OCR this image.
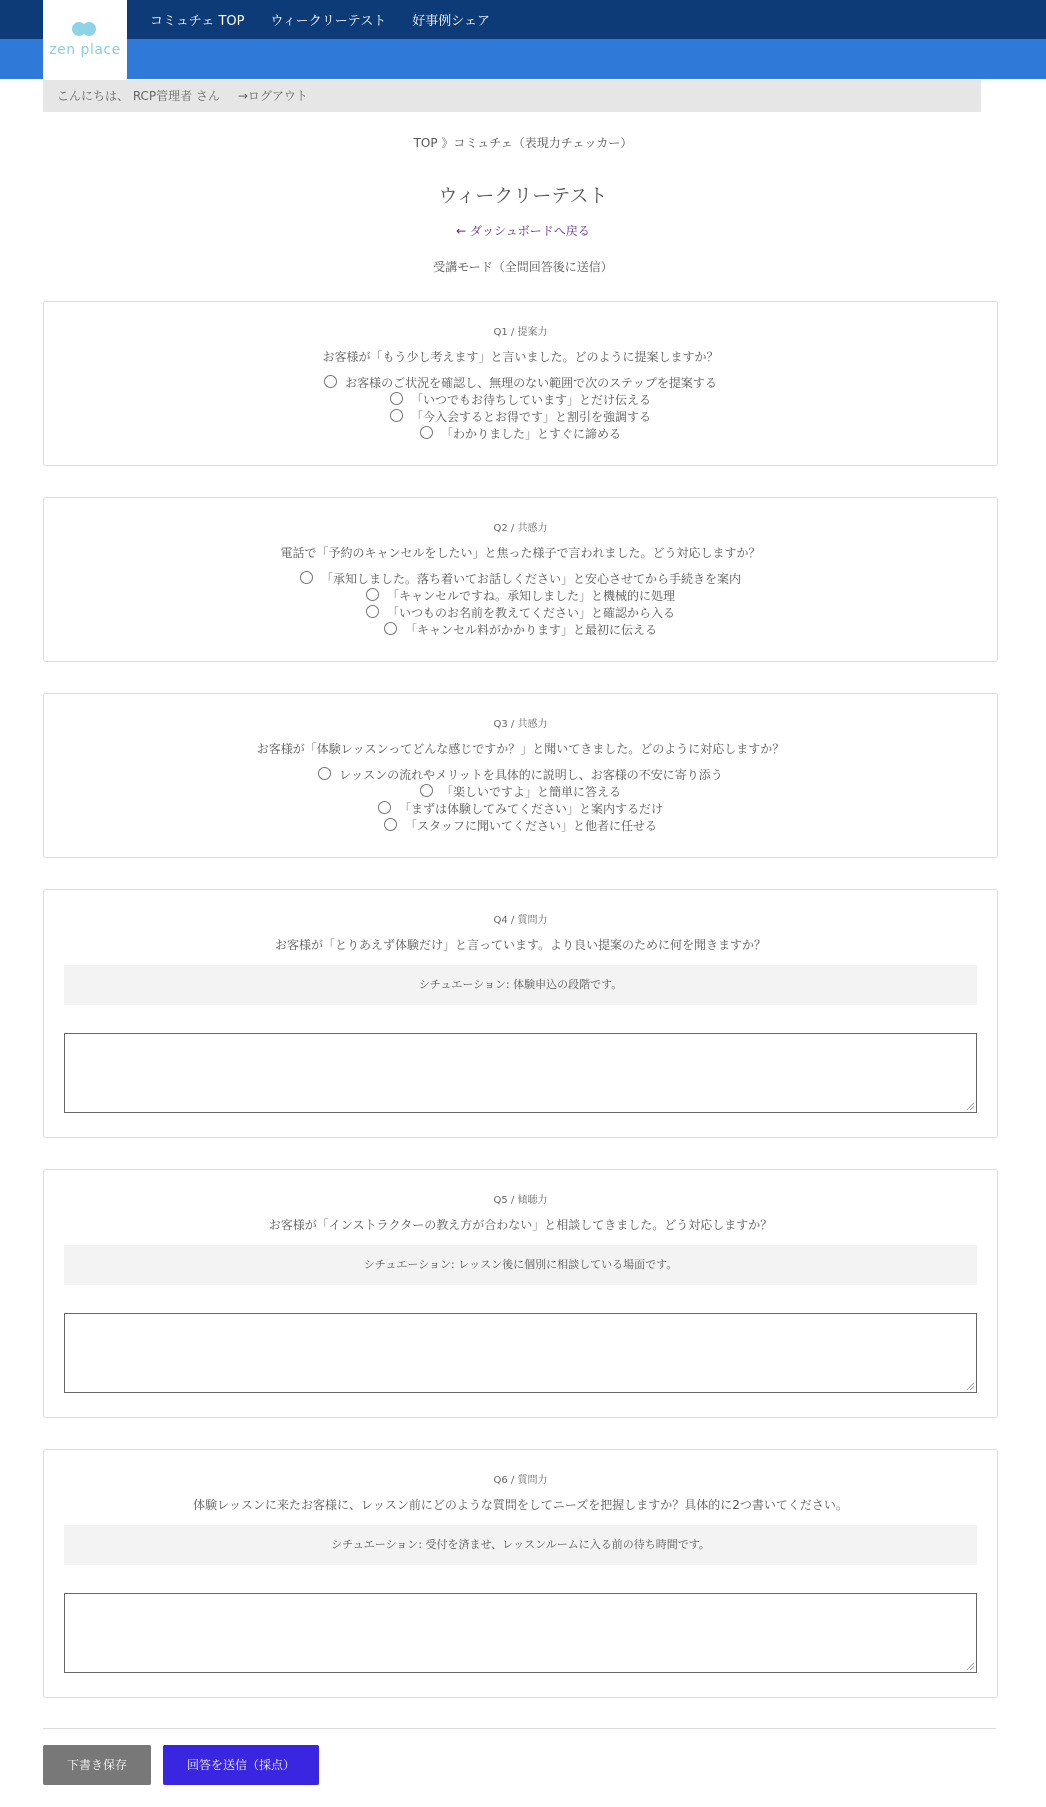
zen place
コミュチェ TOP ウィークリーテスト 好事例シェア
こんにちは、 RCP管理者 さん →ログアウト
TOP 》コミュチェ（表現力チェッカー）
ウィークリーテスト
← ダッシュボードへ戻る
受講モード（全問回答後に送信）
Q1 / 提案力
お客様が「もう少し考えます」と言いました。どのように提案しますか？
お客様のご状況を確認し、無理のない範囲で次のステップを提案する
「いつでもお待ちしています」とだけ伝える
「今入会するとお得です」と割引を強調する
「わかりました」とすぐに諦める
Q2 / 共感力
電話で「予約のキャンセルをしたい」と焦った様子で言われました。どう対応しますか？
「承知しました。落ち着いてお話しください」と安心させてから手続きを案内
「キャンセルですね。承知しました」と機械的に処理
「いつものお名前を教えてください」と確認から入る
「キャンセル料がかかります」と最初に伝える
Q3 / 共感力
お客様が「体験レッスンってどんな感じですか？」と聞いてきました。どのように対応しますか？
レッスンの流れやメリットを具体的に説明し、お客様の不安に寄り添う
「楽しいですよ」と簡単に答える
「まずは体験してみてください」と案内するだけ
「スタッフに聞いてください」と他者に任せる
Q4 / 質問力
お客様が「とりあえず体験だけ」と言っています。より良い提案のために何を聞きますか？
シチュエーション: 体験申込の段階です。
Q5 / 傾聴力
お客様が「インストラクターの教え方が合わない」と相談してきました。どう対応しますか？
シチュエーション: レッスン後に個別に相談している場面です。
Q6 / 質問力
体験レッスンに来たお客様に、レッスン前にどのような質問をしてニーズを把握しますか？具体的に2つ書いてください。
シチュエーション: 受付を済ませ、レッスンルームに入る前の待ち時間です。
下書き保存	回答を送信（採点）
